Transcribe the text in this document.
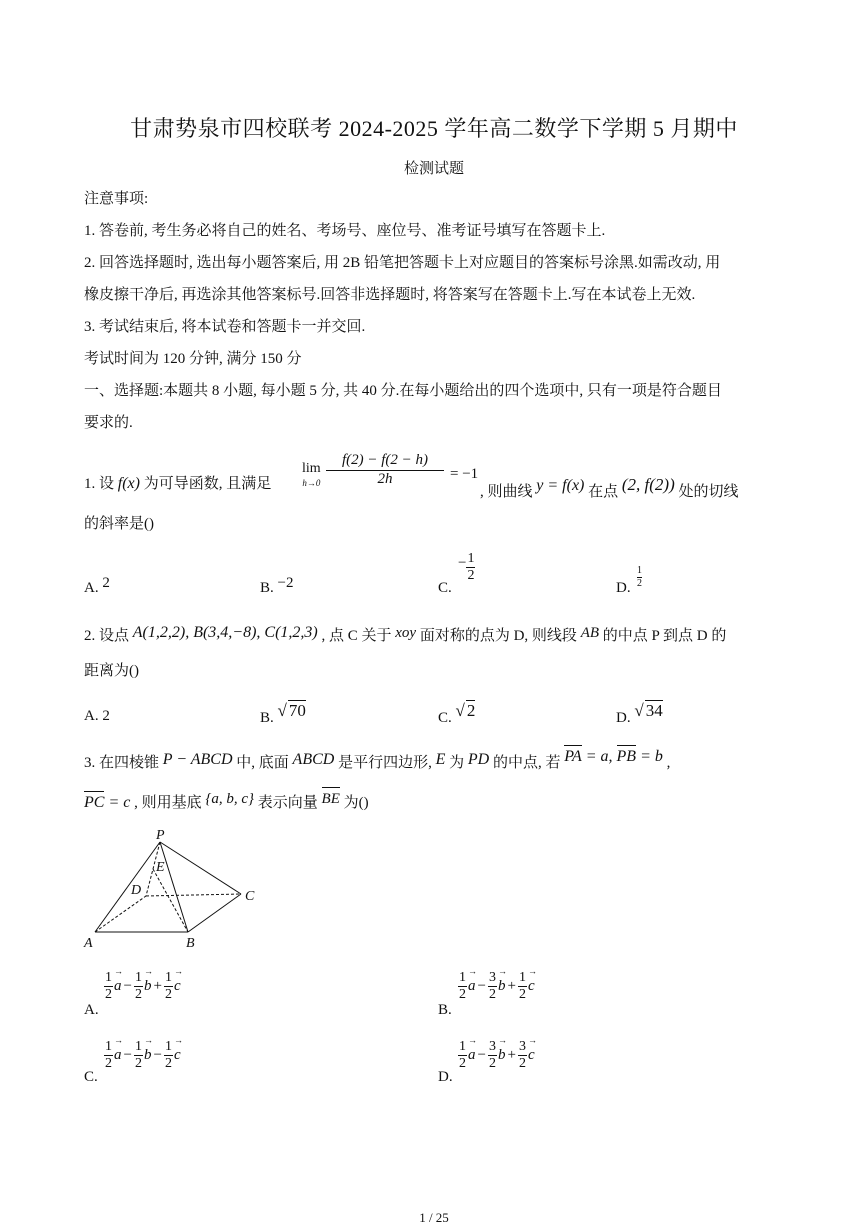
甘肃势泉市四校联考 2024-2025 学年高二数学下学期 5 月期中
检测试题
注意事项:
1. 答卷前, 考生务必将自己的姓名、考场号、座位号、准考证号填写在答题卡上.
2. 回答选择题时, 选出每小题答案后, 用 2B 铅笔把答题卡上对应题目的答案标号涂黑.如需改动, 用
橡皮擦干净后, 再选涂其他答案标号.回答非选择题时, 将答案写在答题卡上.写在本试卷上无效.
3. 考试结束后, 将本试卷和答题卡一并交回.
考试时间为 120 分钟, 满分 150 分
一、选择题:本题共 8 小题, 每小题 5 分, 共 40 分.在每小题给出的四个选项中, 只有一项是符合题目
要求的.
1. 设 f(x) 为可导函数, 且满足
lim
h→0
f(2) − f(2 − h)
2h	= −1
, 则曲线 y = f(x) 在点 (2, f(2)) 处的切线
的斜率是()
A. 2	B. −2	C.
− $\frac{1}{2}$
D.
1
2
2. 设点 A(1,2,2), B(3,4,−8), C(1,2,3) , 点 C 关于 xoy 面对称的点为 D, 则线段 AB 的中点 P 到点 D 的
距离为()
A. 2	B. √ 70	C. √ 2	D. √ 34
3. 在四棱锥 P − ABCD 中, 底面 ABCD 是平行四边形, E 为 PD 的中点, 若 PA = a, PB = b ,
PC = c , 则用基底 {a, b, c} 表示向量 BE 为()
P
E
D	C
A	B
A.
$\frac{1}{2}$ a → − $\frac{1}{2}$ b → + $\frac{1}{2}$ c →
B.
$\frac{1}{2}$ a → − $\frac{3}{2}$ b → + $\frac{1}{2}$ c →
C.
$\frac{1}{2}$ a → − $\frac{1}{2}$ b → − $\frac{1}{2}$ c →
D.
$\frac{1}{2}$ a → − $\frac{3}{2}$ b → + $\frac{3}{2}$ c →
1 / 25
